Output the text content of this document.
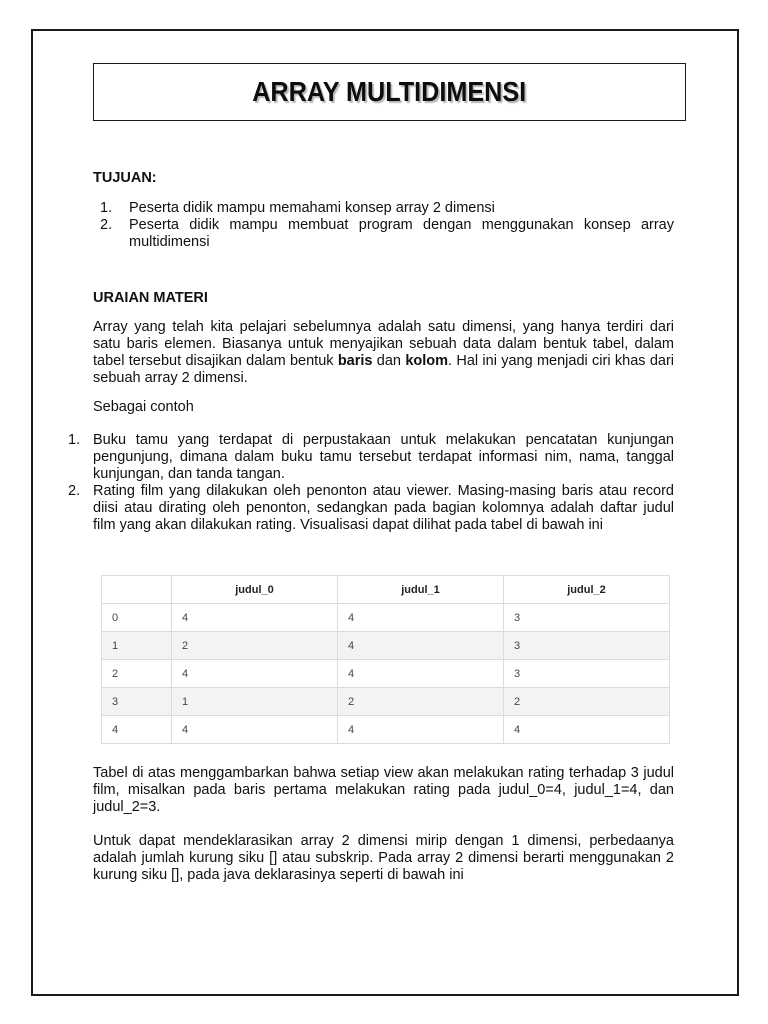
ARRAY MULTIDIMENSI
TUJUAN:
1.	Peserta didik mampu memahami konsep array 2 dimensi
2.	Peserta didik mampu membuat program dengan menggunakan konsep array multidimensi
URAIAN MATERI

Array yang telah kita pelajari sebelumnya adalah satu dimensi, yang hanya terdiri dari satu baris elemen. Biasanya untuk menyajikan sebuah data dalam bentuk tabel, dalam tabel tersebut disajikan dalam bentuk baris dan kolom. Hal ini yang menjadi ciri khas dari sebuah array 2 dimensi.

Sebagai contoh

1. Buku tamu yang terdapat di perpustakaan untuk melakukan pencatatan kunjungan pengunjung, dimana dalam buku tamu tersebut terdapat informasi nim, nama, tanggal kunjungan, dan tanda tangan.
2. Rating film yang dilakukan oleh penonton atau viewer. Masing-masing baris atau record diisi atau dirating oleh penonton, sedangkan pada bagian kolomnya adalah daftar judul film yang akan dilakukan rating. Visualisasi dapat dilihat pada tabel di bawah ini
	judul_0	judul_1	judul_2
0	4	4	3
1	2	4	3
2	4	4	3
3	1	2	2
4	4	4	4

Tabel di atas menggambarkan bahwa setiap view akan melakukan rating terhadap 3 judul film, misalkan pada baris pertama melakukan rating pada judul_0=4, judul_1=4, dan judul_2=3.

Untuk dapat mendeklarasikan array 2 dimensi mirip dengan 1 dimensi, perbedaanya adalah jumlah kurung siku [] atau subskrip. Pada array 2 dimensi berarti menggunakan 2 kurung siku [], pada java deklarasinya seperti di bawah ini
